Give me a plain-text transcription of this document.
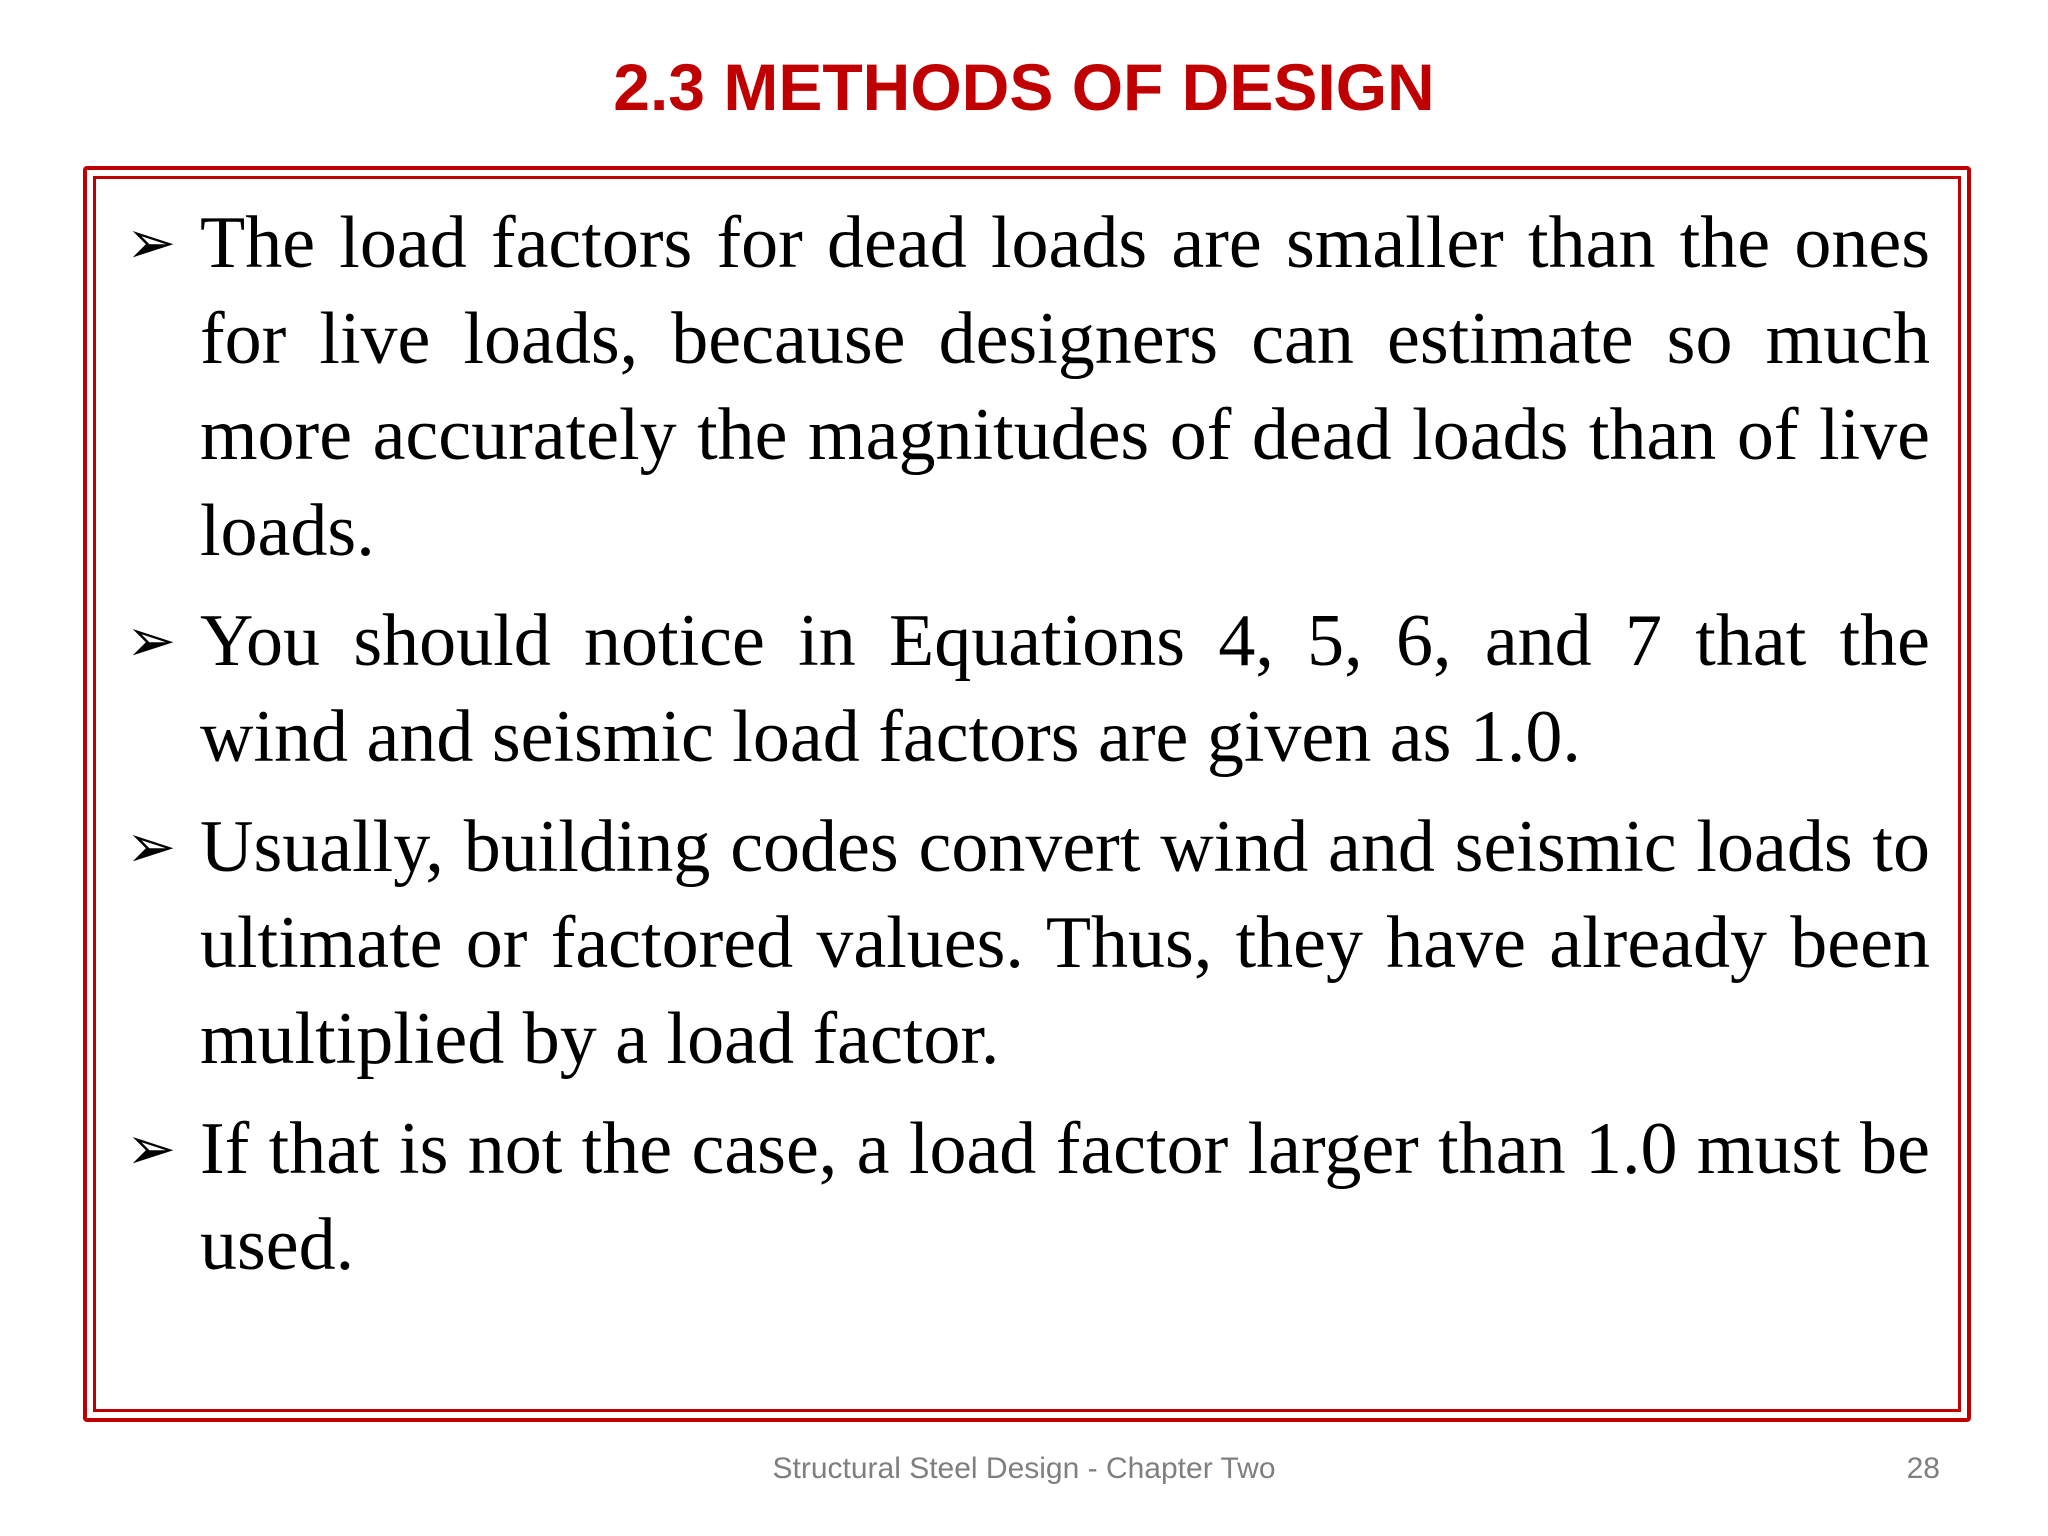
2.3 METHODS OF DESIGN
➢ The load factors for dead loads are smaller than the ones for live loads, because designers can estimate so much more accurately the magnitudes of dead loads than of live loads.
➢ You should notice in Equations 4, 5, 6, and 7 that the wind and seismic load factors are given as 1.0.
➢ Usually, building codes convert wind and seismic loads to ultimate or factored values. Thus, they have already been multiplied by a load factor.
➢ If that is not the case, a load factor larger than 1.0 must be used.
Structural Steel Design - Chapter Two	28
